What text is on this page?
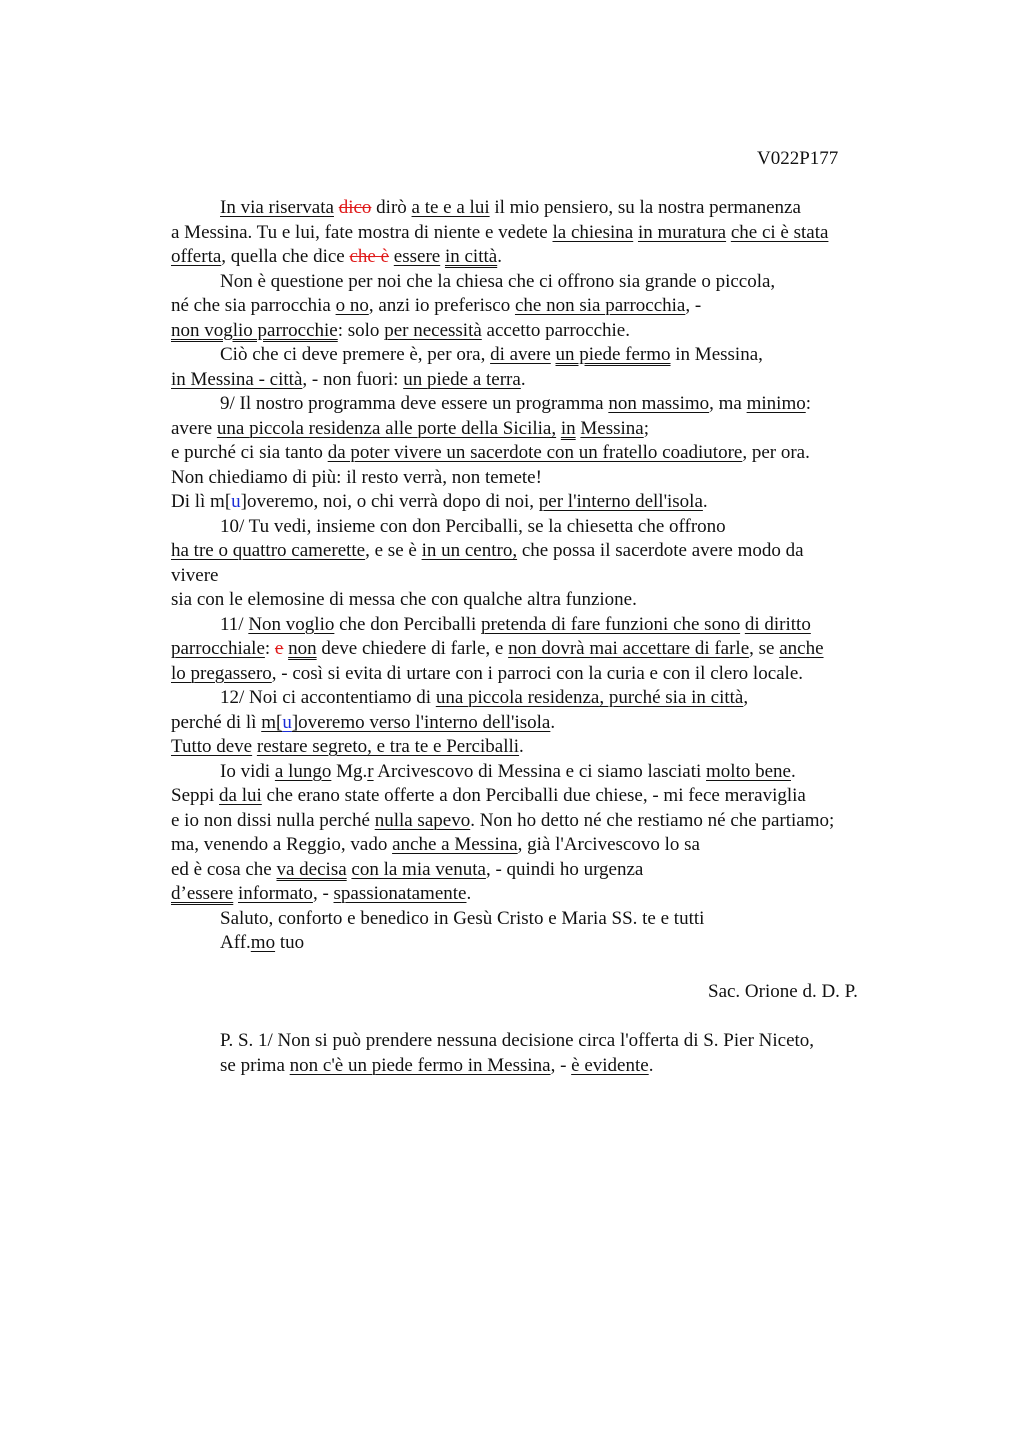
V022P177
In via riservata dico dirò a te e a lui il mio pensiero, su la nostra permanenza
a Messina. Tu e lui, fate mostra di niente e vedete la chiesina in muratura che ci è stata
offerta, quella che dice che è essere in città.
Non è questione per noi che la chiesa che ci offrono sia grande o piccola,
né che sia parrocchia o no, anzi io preferisco che non sia parrocchia, -
non voglio parrocchie: solo per necessità accetto parrocchie.
Ciò che ci deve premere è, per ora, di avere un piede fermo in Messina,
in Messina - città, - non fuori: un piede a terra.
9/ Il nostro programma deve essere un programma non massimo, ma minimo:
avere una piccola residenza alle porte della Sicilia, in Messina;
e purché ci sia tanto da poter vivere un sacerdote con un fratello coadiutore, per ora.
Non chiediamo di più: il resto verrà, non temete!
Di lì m[u]overemo, noi, o chi verrà dopo di noi, per l'interno dell'isola.
10/ Tu vedi, insieme con don Perciballi, se la chiesetta che offrono
ha tre o quattro camerette, e se è in un centro, che possa il sacerdote avere modo da
vivere
sia con le elemosine di messa che con qualche altra funzione.
11/ Non voglio che don Perciballi pretenda di fare funzioni che sono di diritto
parrocchiale: e non deve chiedere di farle, e non dovrà mai accettare di farle, se anche
lo pregassero, - così si evita di urtare con i parroci con la curia e con il clero locale.
12/ Noi ci accontentiamo di una piccola residenza, purché sia in città,
perché di lì m[u]overemo verso l'interno dell'isola.
Tutto deve restare segreto, e tra te e Perciballi.
Io vidi a lungo Mg.r Arcivescovo di Messina e ci siamo lasciati molto bene.
Seppi da lui che erano state offerte a don Perciballi due chiese, - mi fece meraviglia
e io non dissi nulla perché nulla sapevo. Non ho detto né che restiamo né che partiamo;
ma, venendo a Reggio, vado anche a Messina, già l'Arcivescovo lo sa
ed è cosa che va decisa con la mia venuta, - quindi ho urgenza
d’essere informato, - spassionatamente.
Saluto, conforto e benedico in Gesù Cristo e Maria SS. te e tutti
Aff.mo tuo
Sac. Orione d. D. P.
P. S. 1/ Non si può prendere nessuna decisione circa l'offerta di S. Pier Niceto,
se prima non c'è un piede fermo in Messina, - è evidente.
